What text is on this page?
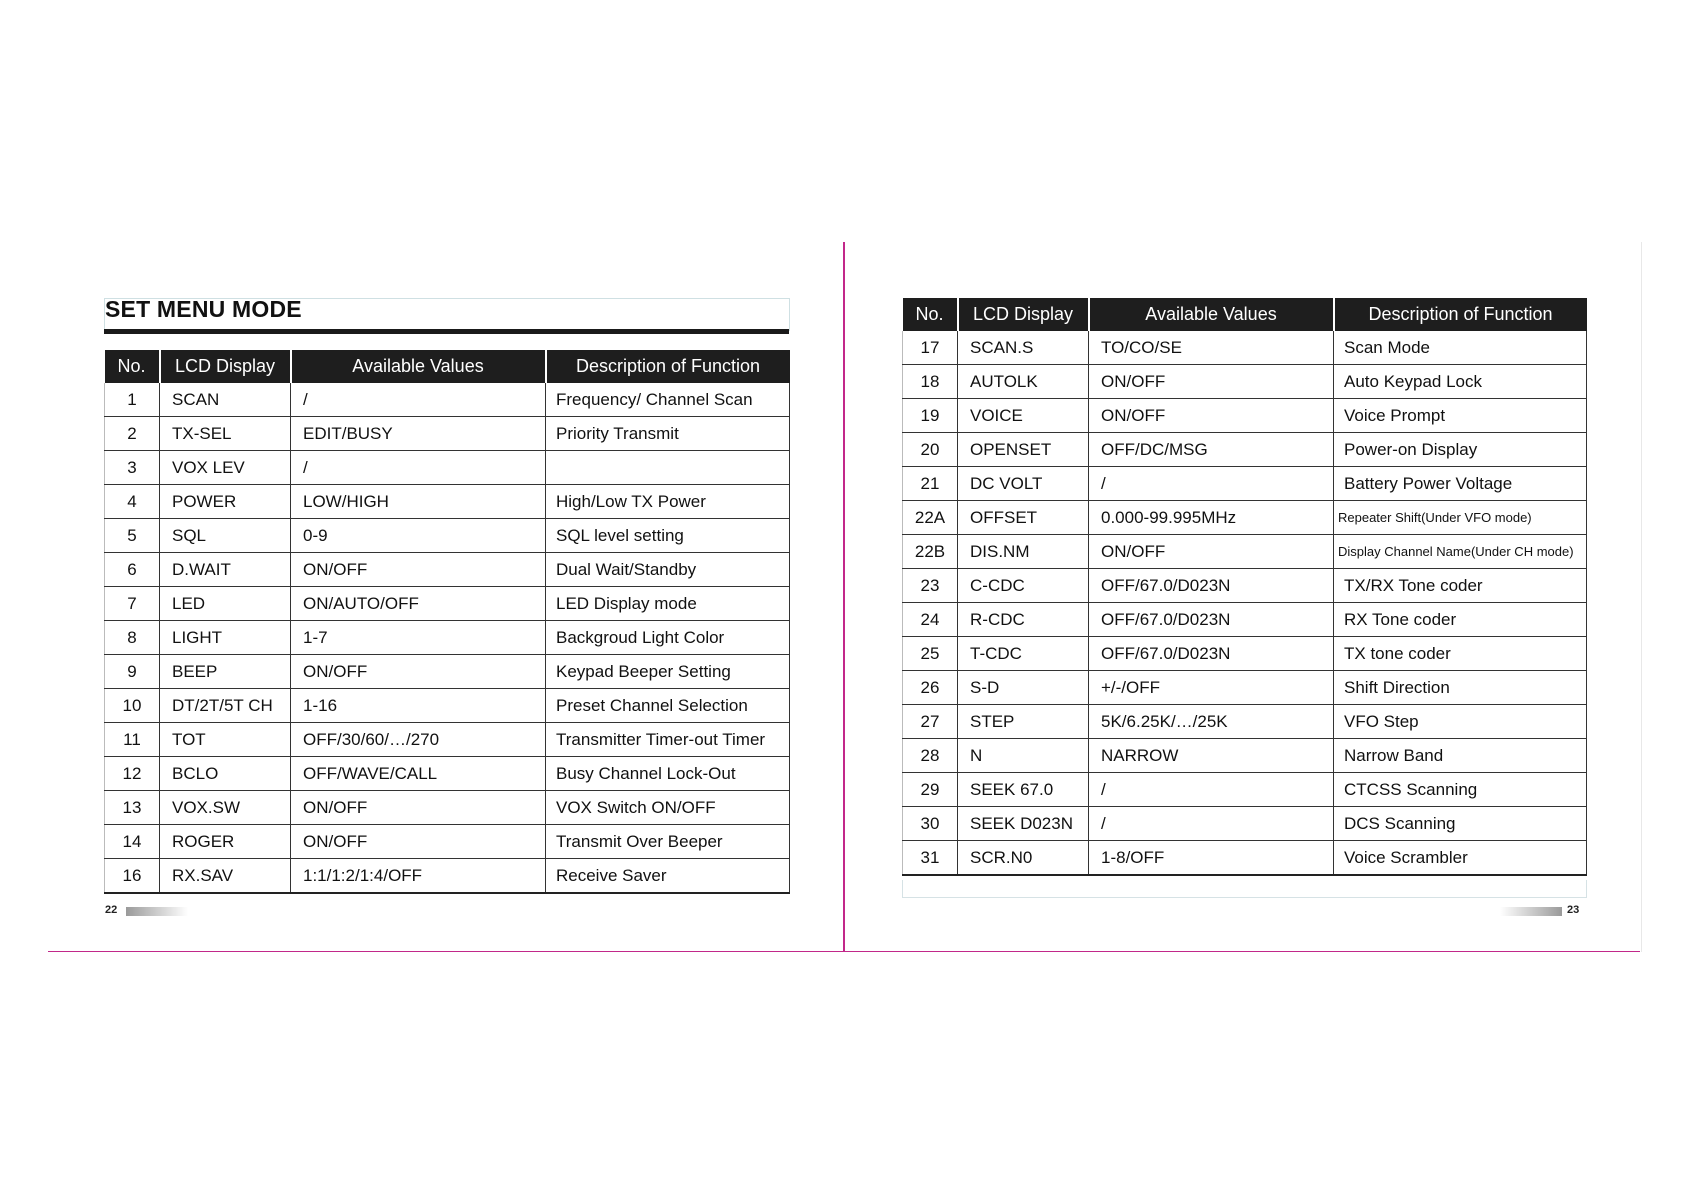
SET MENU MODE
No.	LCD Display	Available Values	Description of Function
1	SCAN	/	Frequency/ Channel Scan
2	TX-SEL	EDIT/BUSY	Priority Transmit
3	VOX LEV	/	
4	POWER	LOW/HIGH	High/Low TX Power
5	SQL	0-9	SQL level setting
6	D.WAIT	ON/OFF	Dual Wait/Standby
7	LED	ON/AUTO/OFF	LED Display mode
8	LIGHT	1-7	Backgroud Light Color
9	BEEP	ON/OFF	Keypad Beeper Setting
10	DT/2T/5T CH	1-16	Preset Channel Selection
11	TOT	OFF/30/60/…/270	Transmitter Timer-out Timer
12	BCLO	OFF/WAVE/CALL	Busy Channel Lock-Out
13	VOX.SW	ON/OFF	VOX Switch ON/OFF
14	ROGER	ON/OFF	Transmit Over Beeper
16	RX.SAV	1:1/1:2/1:4/OFF	Receive Saver
No.	LCD Display	Available Values	Description of Function
17	SCAN.S	TO/CO/SE	Scan Mode
18	AUTOLK	ON/OFF	Auto Keypad Lock
19	VOICE	ON/OFF	Voice Prompt
20	OPENSET	OFF/DC/MSG	Power-on Display
21	DC VOLT	/	Battery Power Voltage
22A	OFFSET	0.000-99.995MHz	Repeater Shift(Under VFO mode)
22B	DIS.NM	ON/OFF	Display Channel Name(Under CH mode)
23	C-CDC	OFF/67.0/D023N	TX/RX Tone coder
24	R-CDC	OFF/67.0/D023N	RX Tone coder
25	T-CDC	OFF/67.0/D023N	TX tone coder
26	S-D	+/-/OFF	Shift Direction
27	STEP	5K/6.25K/…/25K	VFO Step
28	N	NARROW	Narrow Band
29	SEEK 67.0	/	CTCSS Scanning
30	SEEK D023N	/	DCS Scanning
31	SCR.N0	1-8/OFF	Voice Scrambler
22	23
